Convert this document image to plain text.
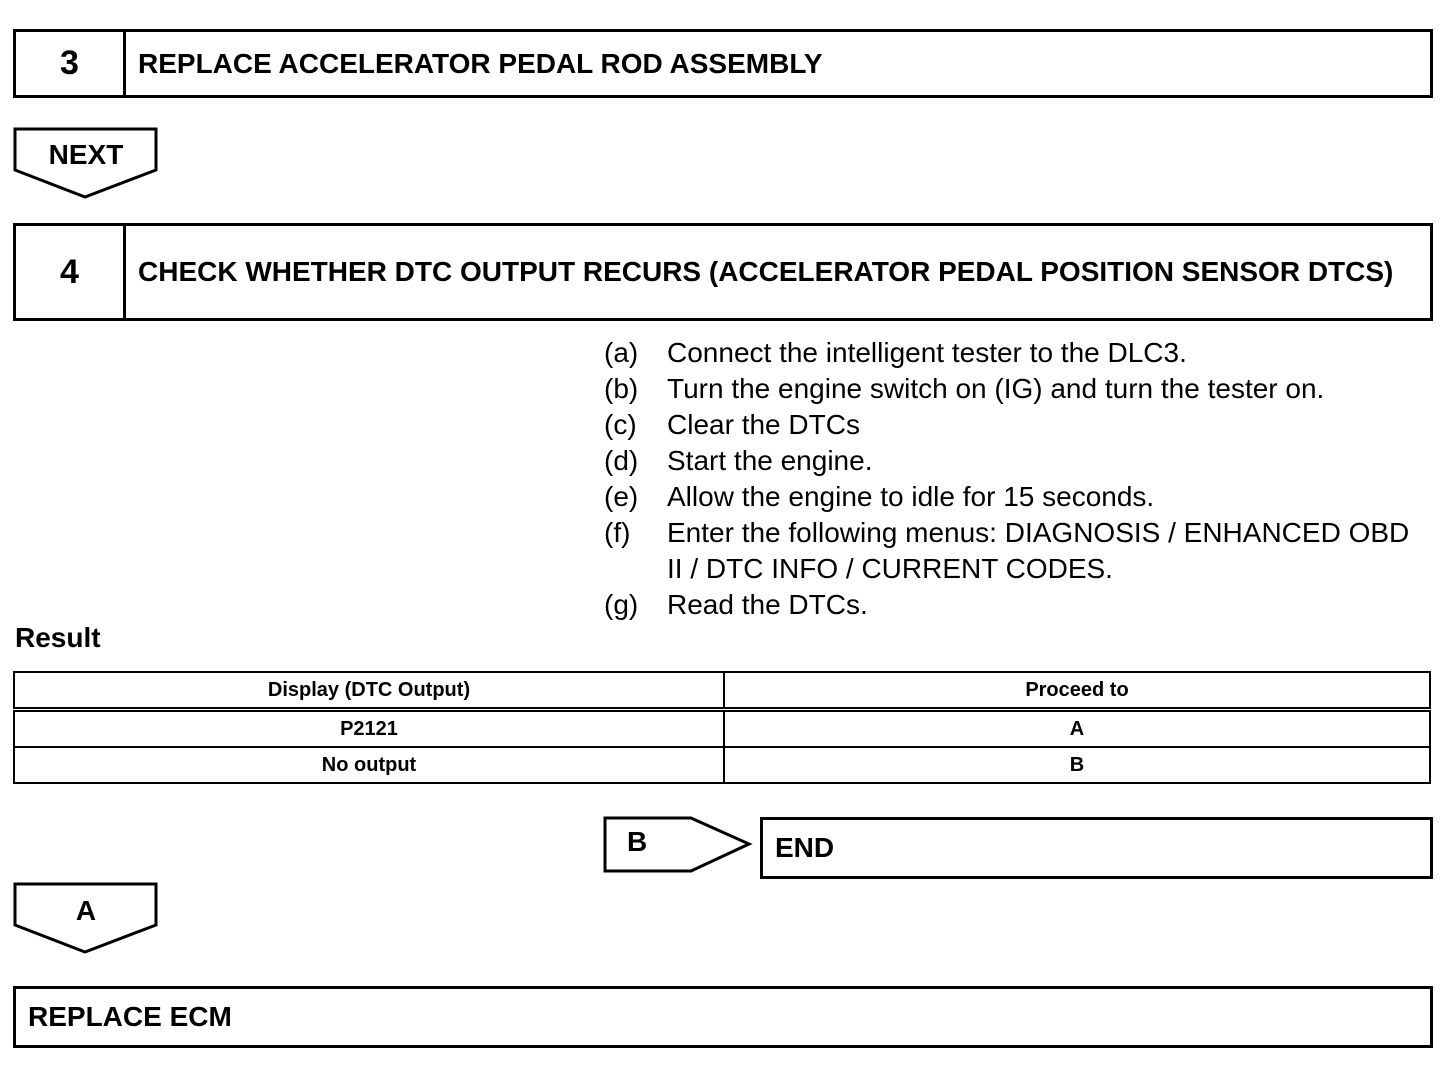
3	REPLACE ACCELERATOR PEDAL ROD ASSEMBLY
NEXT
4	CHECK WHETHER DTC OUTPUT RECURS (ACCELERATOR PEDAL POSITION SENSOR DTCS)
(a)	Connect the intelligent tester to the DLC3.
(b)	Turn the engine switch on (IG) and turn the tester on.
(c)	Clear the DTCs
(d)	Start the engine.
(e)	Allow the engine to idle for 15 seconds.
(f)	Enter the following menus: DIAGNOSIS / ENHANCED OBD II / DTC INFO / CURRENT CODES.
(g)	Read the DTCs.
Result
Display (DTC Output)	Proceed to
P2121	A
No output	B
B	END
A
REPLACE ECM
